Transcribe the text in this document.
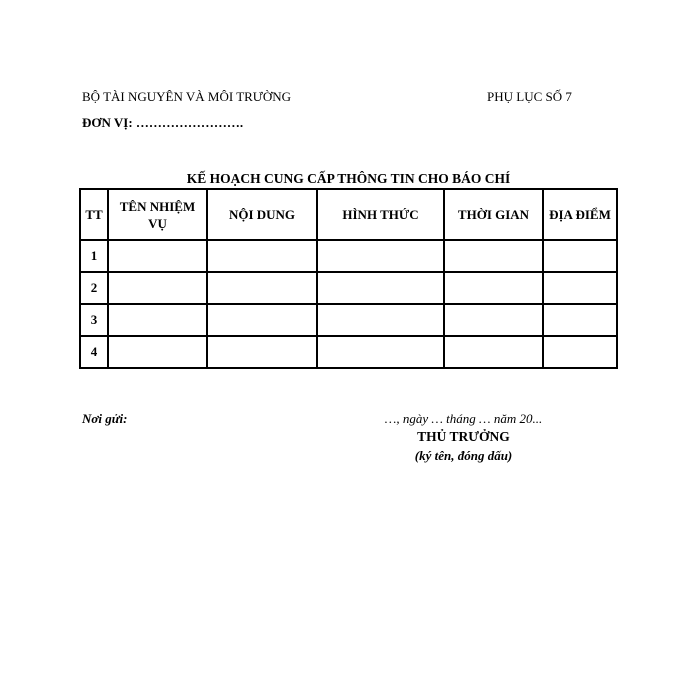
BỘ TÀI NGUYÊN VÀ MÔI TRƯỜNG	PHỤ LỤC SỐ 7
ĐƠN VỊ: …………………….
KẾ HOẠCH CUNG CẤP THÔNG TIN CHO BÁO CHÍ
TT	TÊN NHIỆM VỤ	NỘI DUNG	HÌNH THỨC	THỜI GIAN	ĐỊA ĐIỂM
1					
2					
3					
4					
Nơi gửi:	…, ngày … tháng … năm 20...
THỦ TRƯỞNG
(ký tên, đóng dấu)
